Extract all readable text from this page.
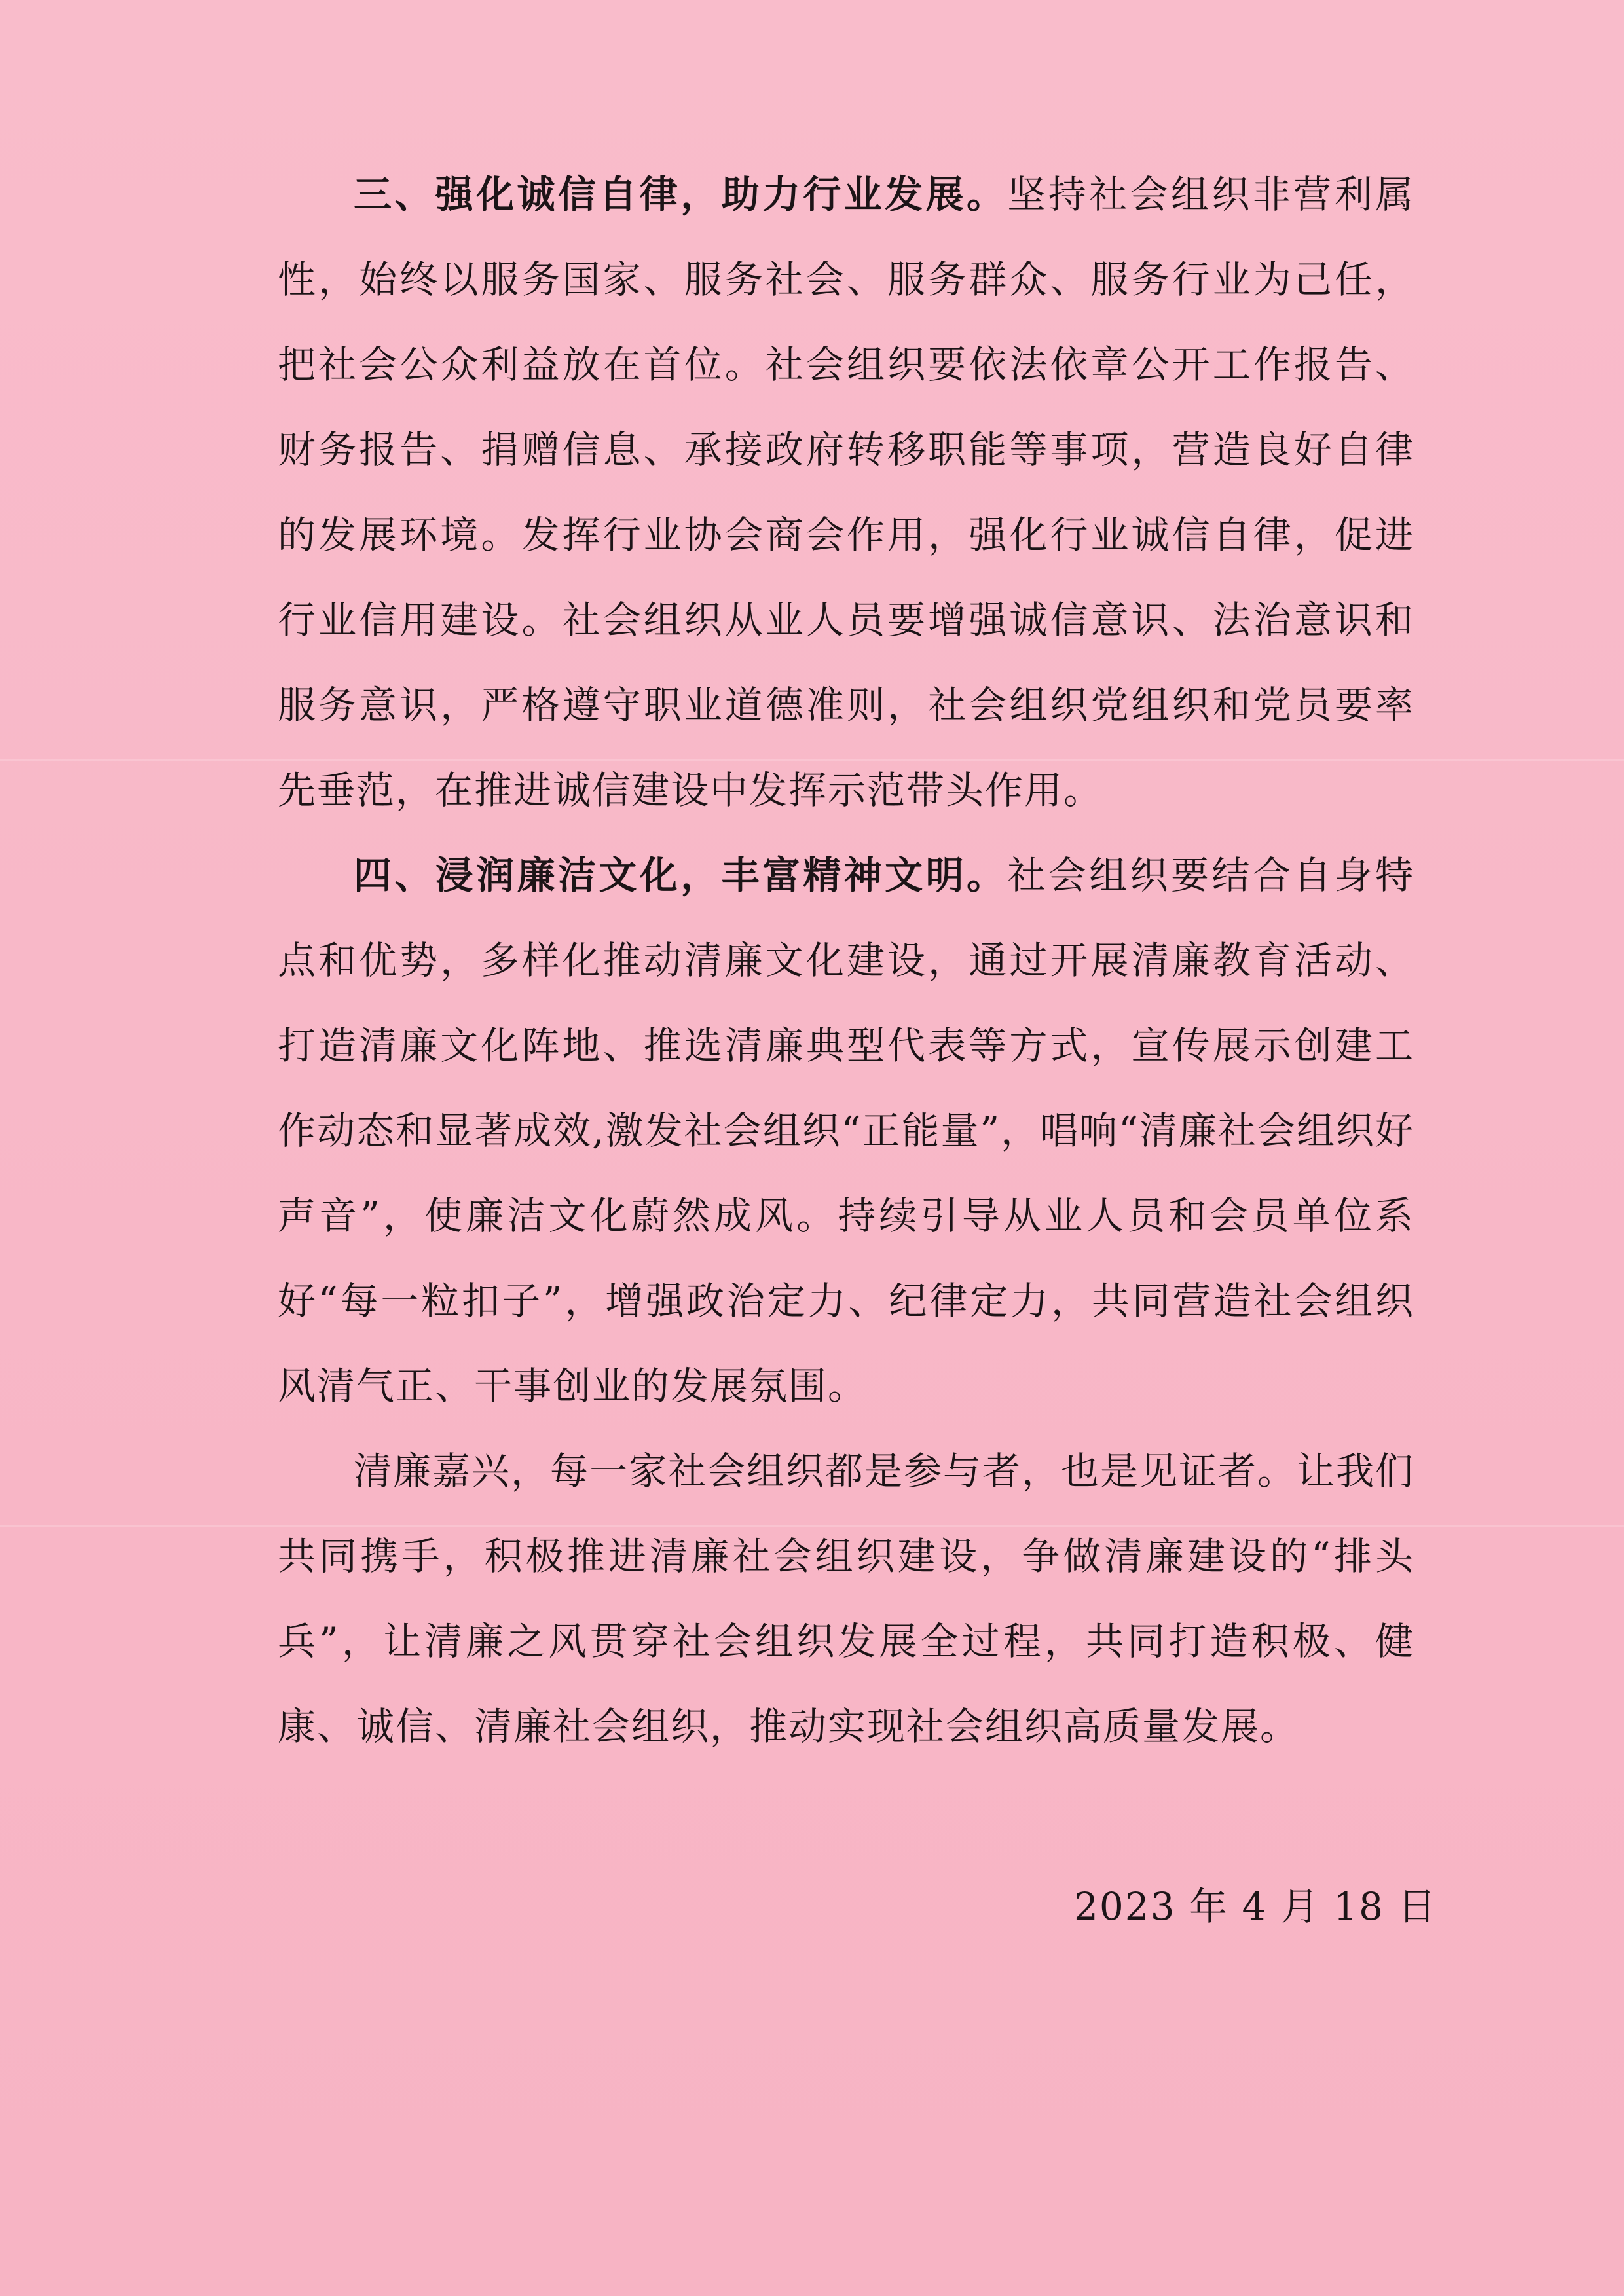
三、强化诚信自律，助力行业发展。坚持社会组织非营利属性，始终以服务国家、服务社会、服务群众、服务行业为己任，把社会公众利益放在首位。社会组织要依法依章公开工作报告、财务报告、捐赠信息、承接政府转移职能等事项，营造良好自律的发展环境。发挥行业协会商会作用，强化行业诚信自律，促进行业信用建设。社会组织从业人员要增强诚信意识、法治意识和服务意识，严格遵守职业道德准则，社会组织党组织和党员要率先垂范，在推进诚信建设中发挥示范带头作用。

四、浸润廉洁文化，丰富精神文明。社会组织要结合自身特点和优势，多样化推动清廉文化建设，通过开展清廉教育活动、打造清廉文化阵地、推选清廉典型代表等方式，宣传展示创建工作动态和显著成效,激发社会组织“正能量”，唱响“清廉社会组织好声音”，使廉洁文化蔚然成风。持续引导从业人员和会员单位系好“每一粒扣子”，增强政治定力、纪律定力，共同营造社会组织风清气正、干事创业的发展氛围。

清廉嘉兴，每一家社会组织都是参与者，也是见证者。让我们共同携手，积极推进清廉社会组织建设，争做清廉建设的“排头兵”，让清廉之风贯穿社会组织发展全过程，共同打造积极、健康、诚信、清廉社会组织，推动实现社会组织高质量发展。

2023 年 4 月 18 日
